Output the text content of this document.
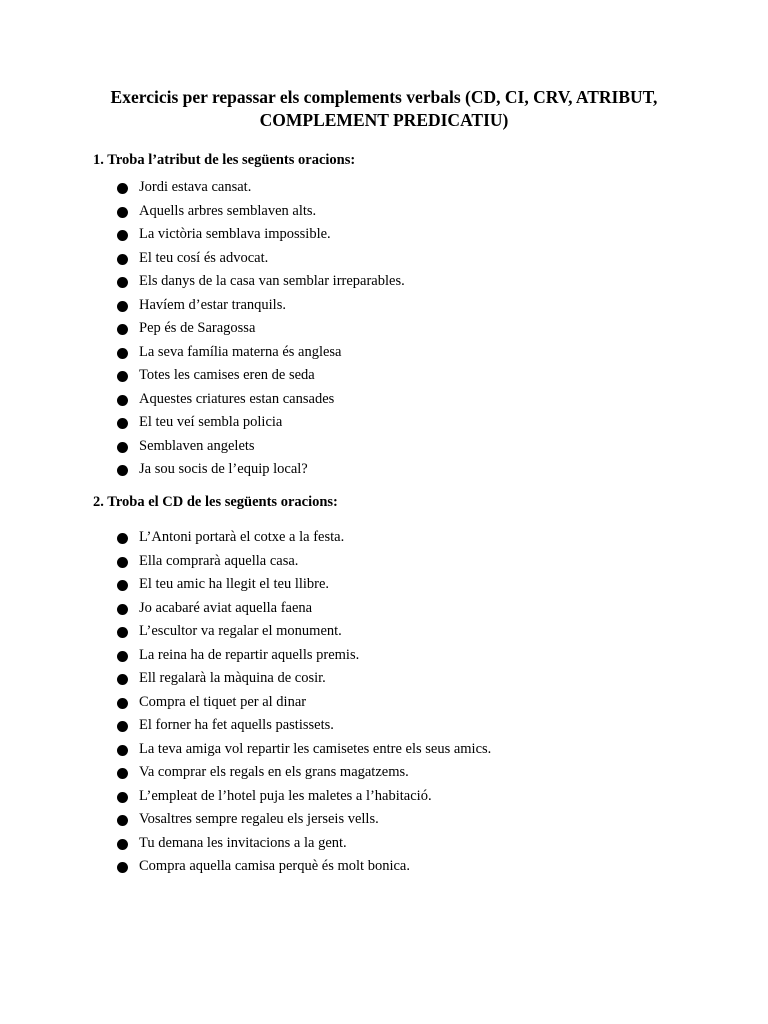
Exercicis per repassar els complements verbals (CD, CI, CRV, ATRIBUT,
COMPLEMENT PREDICATIU)
1. Troba l’atribut de les següents oracions:
Jordi estava cansat.
Aquells arbres semblaven alts.
La victòria semblava impossible.
El teu cosí és advocat.
Els danys de la casa van semblar irreparables.
Havíem d’estar tranquils.
Pep és de Saragossa
La seva família materna és anglesa
Totes les camises eren de seda
Aquestes criatures estan cansades
El teu veí sembla policia
Semblaven angelets
Ja sou socis de l’equip local?
2. Troba el CD de les següents oracions:
L’Antoni portarà el cotxe a la festa.
Ella comprarà aquella casa.
El teu amic ha llegit el teu llibre.
Jo acabaré aviat aquella faena
L’escultor va regalar el monument.
La reina ha de repartir aquells premis.
Ell regalarà la màquina de cosir.
Compra el tiquet per al dinar
El forner ha fet aquells pastissets.
La teva amiga vol repartir les camisetes entre els seus amics.
Va comprar els regals en els grans magatzems.
L’empleat de l’hotel puja les maletes a l’habitació.
Vosaltres sempre regaleu els jerseis vells.
Tu demana les invitacions a la gent.
Compra aquella camisa perquè és molt bonica.
